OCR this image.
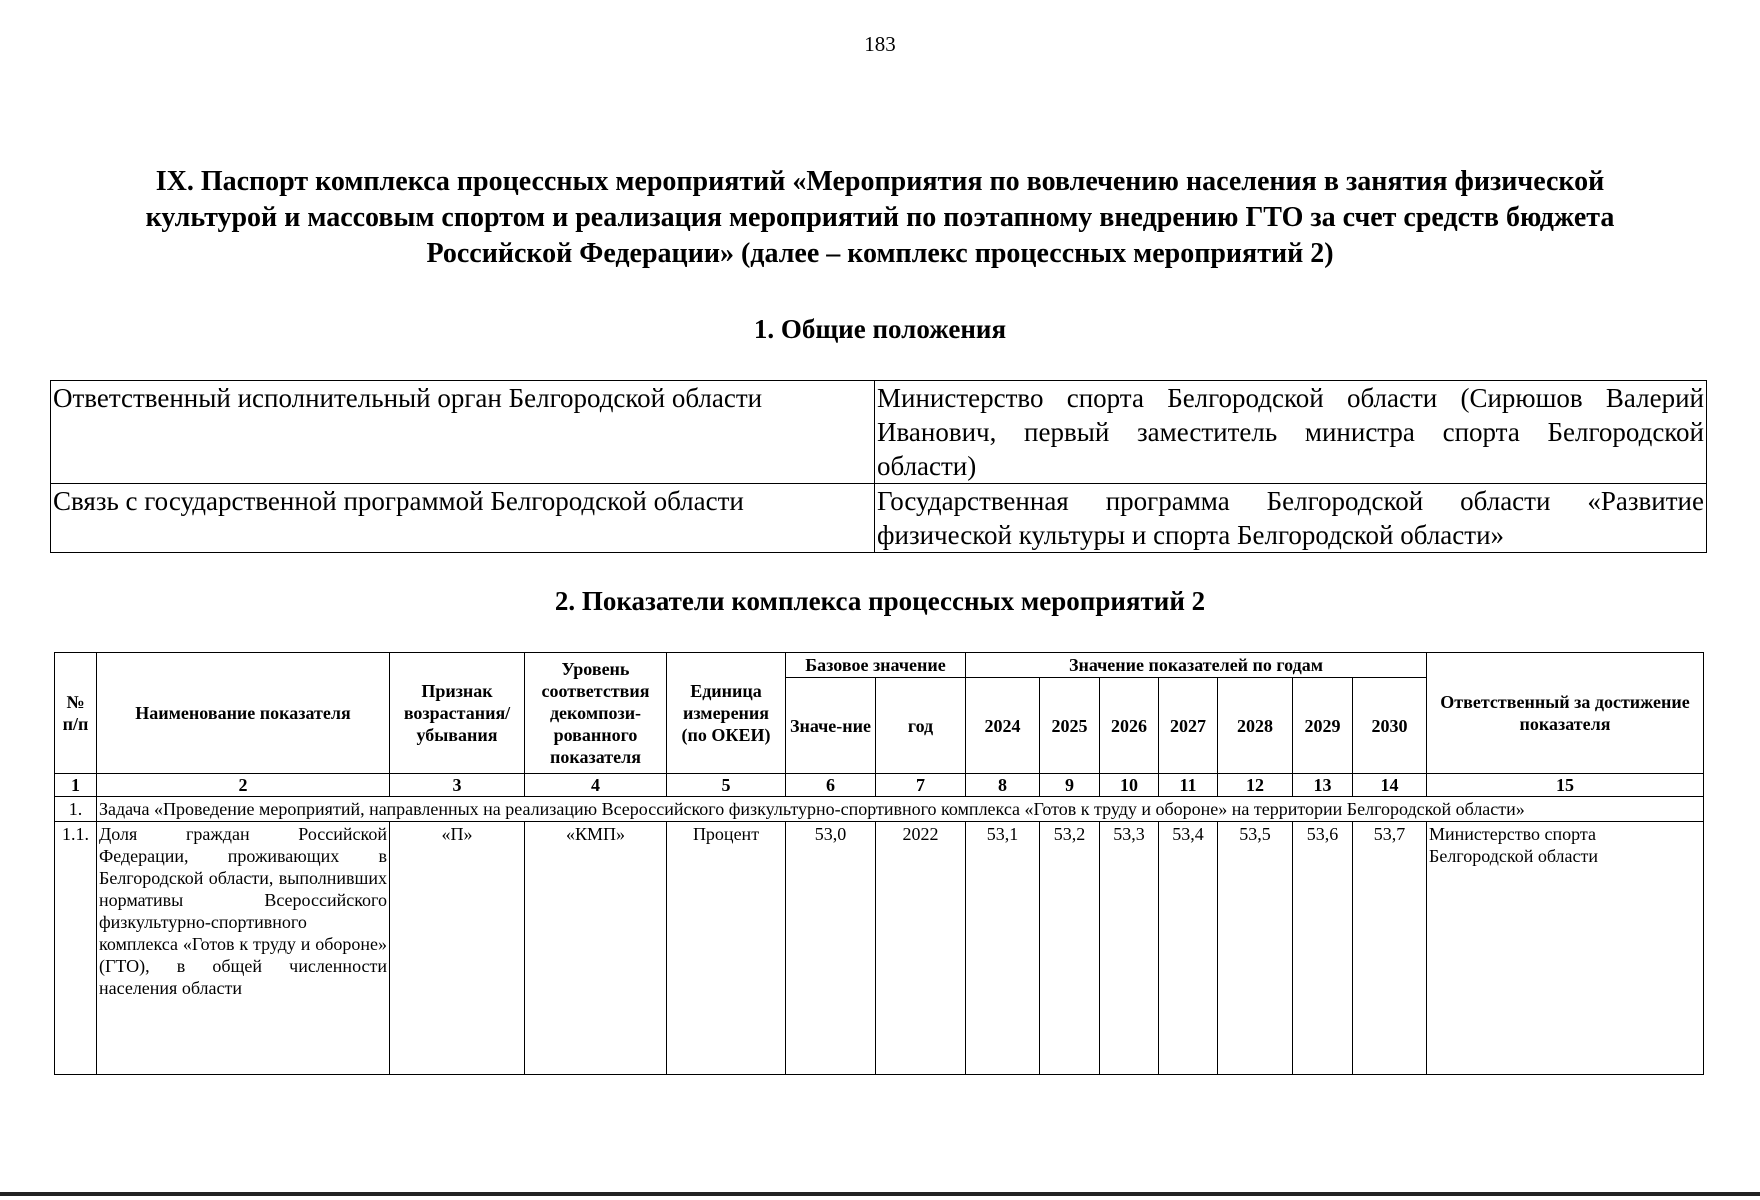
183
IX. Паспорт комплекса процессных мероприятий «Мероприятия по вовлечению населения в занятия физической культурой и массовым спортом и реализация мероприятий по поэтапному внедрению ГТО за счет средств бюджета Российской Федерации» (далее – комплекс процессных мероприятий 2)
1. Общие положения
Ответственный исполнительный орган Белгородской области	Министерство спорта Белгородской области (Сирюшов Валерий Иванович, первый заместитель министра спорта Белгородской области)
Связь с государственной программой Белгородской области	Государственная программа Белгородской области «Развитие физической культуры и спорта Белгородской области»
2. Показатели комплекса процессных мероприятий 2
№ п/п	Наименование показателя	Признак возрастания/ убывания	Уровень соответствия декомпози-рованного показателя	Единица измерения (по ОКЕИ)	Базовое значение		Значение показателей по годам							Ответственный за достижение показателя
					Значе-ние	год	2024	2025	2026	2027	2028	2029	2030	
1	2	3	4	5	6	7	8	9	10	11	12	13	14	15
1.	Задача «Проведение мероприятий, направленных на реализацию Всероссийского физкультурно-спортивного комплекса «Готов к труду и обороне» на территории Белгородской области»													
1.1.	Доля граждан Российской Федерации, проживающих в Белгородской области, выполнивших нормативы Всероссийского физкультурно-спортивного комплекса «Готов к труду и обороне» (ГТО), в общей численности населения области	«П»	«КМП»	Процент	53,0	2022	53,1	53,2	53,3	53,4	53,5	53,6	53,7	Министерство спорта Белгородской области
